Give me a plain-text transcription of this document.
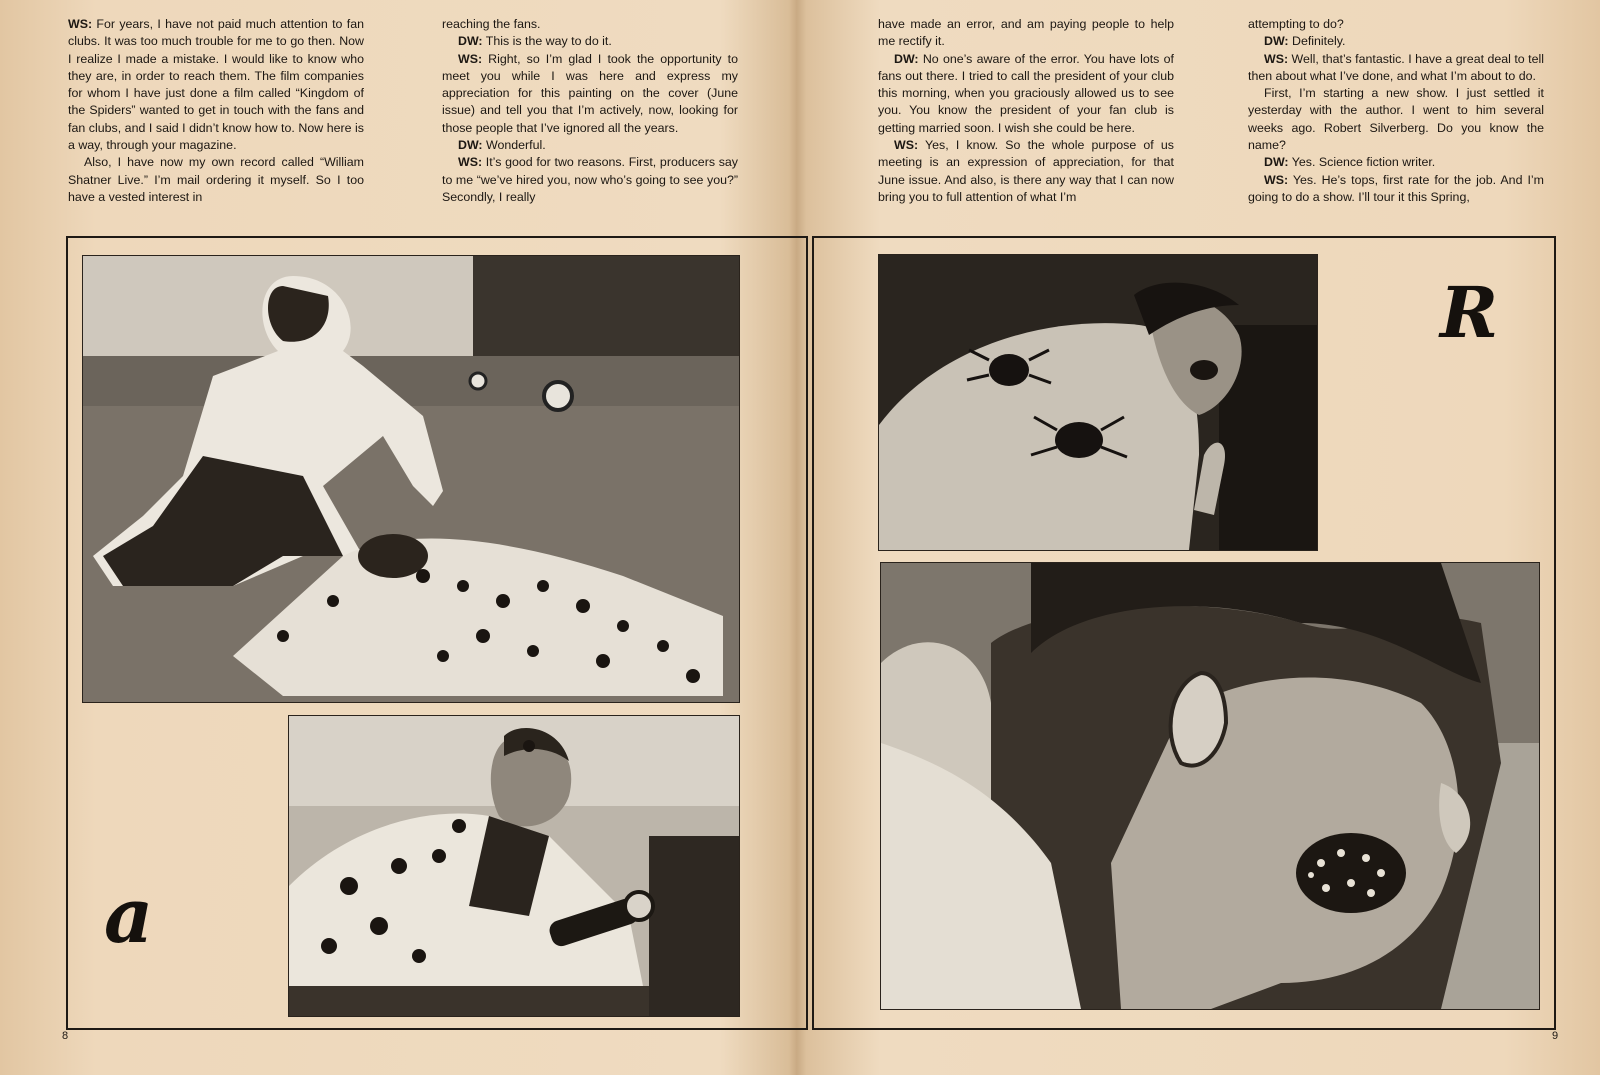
WS: For years, I have not paid much attention to fan clubs. It was too much trouble for me to go then. Now I realize I made a mistake. I would like to know who they are, in order to reach them. The film companies for whom I have just done a film called “Kingdom of the Spiders” wanted to get in touch with the fans and fan clubs, and I said I didn’t know how to. Now here is a way, through your magazine.

Also, I have now my own record called “William Shatner Live.” I’m mail ordering it myself. So I too have a vested interest in

reaching the fans.

DW: This is the way to do it.

WS: Right, so I’m glad I took the opportunity to meet you while I was here and express my appreciation for this painting on the cover (June issue) and tell you that I’m actively, now, looking for those people that I’ve ignored all the years.

DW: Wonderful.

WS: It’s good for two reasons. First, producers say to me “we’ve hired you, now who’s going to see you?” Secondly, I really

have made an error, and am paying people to help me rectify it.

DW: No one’s aware of the error. You have lots of fans out there. I tried to call the president of your club this morning, when you graciously allowed us to see you. You know the president of your fan club is getting married soon. I wish she could be here.

WS: Yes, I know. So the whole purpose of us meeting is an expression of appreciation, for that June issue. And also, is there any way that I can now bring you to full attention of what I’m

attempting to do?

DW: Definitely.

WS: Well, that’s fantastic. I have a great deal to tell then about what I’ve done, and what I’m about to do.

First, I’m starting a new show. I just settled it yesterday with the author. I went to him several weeks ago. Robert Silverberg. Do you know the name?

DW: Yes. Science fiction writer.

WS: Yes. He’s tops, first rate for the job. And I’m going to do a show. I’ll tour it this Spring,

a
R
8	9
